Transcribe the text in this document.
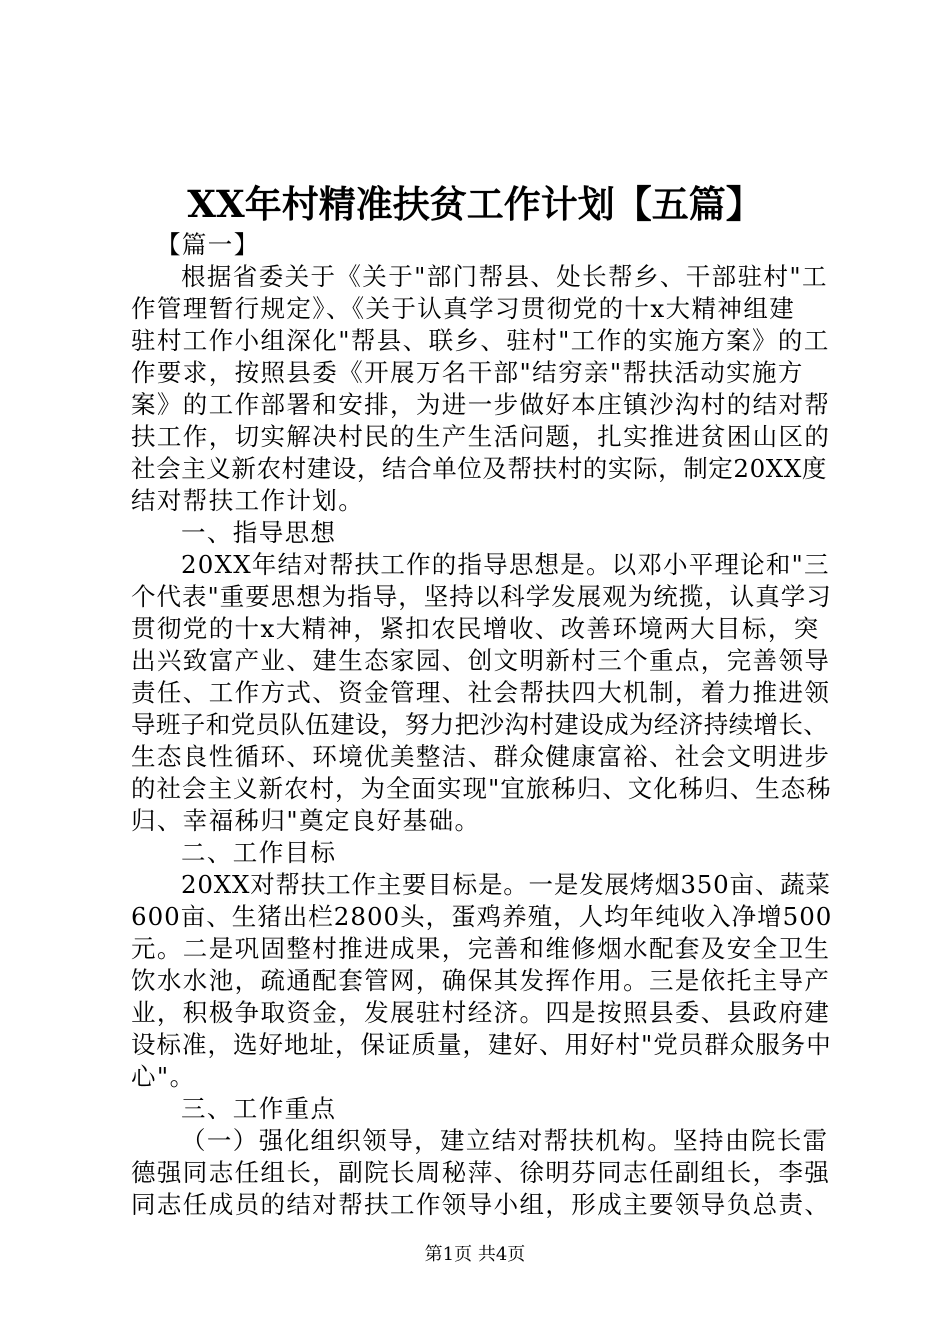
XX年村精准扶贫工作计划【五篇】
【篇一】
根据省委关于《关于"部门帮县、处长帮乡、干部驻村"工
作管理暂行规定》、《关于认真学习贯彻党的十x大精神组建
驻村工作小组深化"帮县、联乡、驻村"工作的实施方案》的工
作要求，按照县委《开展万名干部"结穷亲"帮扶活动实施方
案》的工作部署和安排，为进一步做好本庄镇沙沟村的结对帮
扶工作，切实解决村民的生产生活问题，扎实推进贫困山区的
社会主义新农村建设，结合单位及帮扶村的实际，制定20XX度
结对帮扶工作计划。
一、指导思想
20XX年结对帮扶工作的指导思想是。以邓小平理论和"三
个代表"重要思想为指导，坚持以科学发展观为统揽，认真学习
贯彻党的十x大精神，紧扣农民增收、改善环境两大目标，突
出兴致富产业、建生态家园、创文明新村三个重点，完善领导
责任、工作方式、资金管理、社会帮扶四大机制，着力推进领
导班子和党员队伍建设，努力把沙沟村建设成为经济持续增长、
生态良性循环、环境优美整洁、群众健康富裕、社会文明进步
的社会主义新农村，为全面实现"宜旅秭归、文化秭归、生态秭
归、幸福秭归"奠定良好基础。
二、工作目标
20XX对帮扶工作主要目标是。一是发展烤烟350亩、蔬菜
600亩、生猪出栏2800头，蛋鸡养殖，人均年纯收入净增500
元。二是巩固整村推进成果，完善和维修烟水配套及安全卫生
饮水水池，疏通配套管网，确保其发挥作用。三是依托主导产
业，积极争取资金，发展驻村经济。四是按照县委、县政府建
设标准，选好地址，保证质量，建好、用好村"党员群众服务中
心"。
三、工作重点
（一）强化组织领导，建立结对帮扶机构。坚持由院长雷
德强同志任组长，副院长周秘萍、徐明芬同志任副组长，李强
同志任成员的结对帮扶工作领导小组，形成主要领导负总责、
第1页 共4页
